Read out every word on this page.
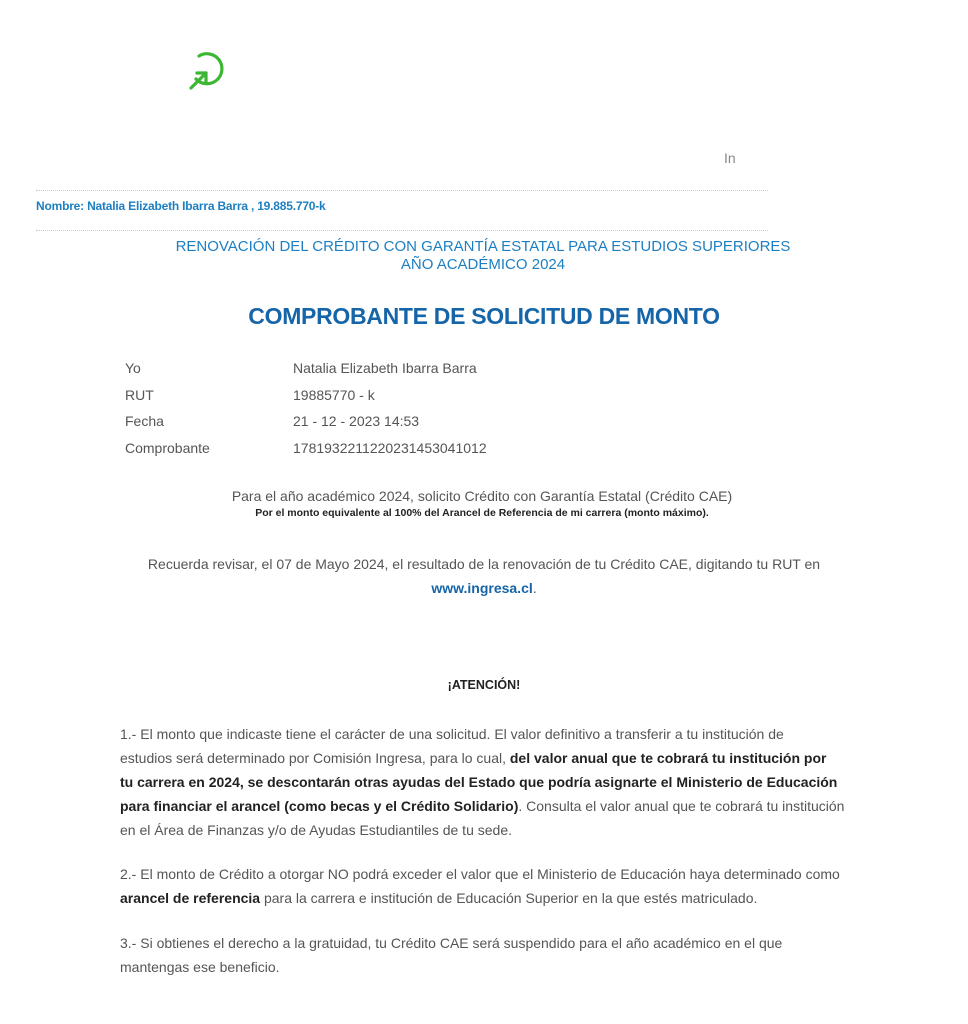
In
Nombre: Natalia Elizabeth Ibarra Barra , 19.885.770-k
RENOVACIÓN DEL CRÉDITO CON GARANTÍA ESTATAL PARA ESTUDIOS SUPERIORES
AÑO ACADÉMICO 2024
COMPROBANTE DE SOLICITUD DE MONTO
Yo	Natalia Elizabeth Ibarra Barra
RUT	19885770 - k
Fecha	21 - 12 - 2023 14:53
Comprobante	1781932211220231453041012
Para el año académico 2024, solicito Crédito con Garantía Estatal (Crédito CAE)
Por el monto equivalente al 100% del Arancel de Referencia de mi carrera (monto máximo).
Recuerda revisar, el 07 de Mayo 2024, el resultado de la renovación de tu Crédito CAE, digitando tu RUT en
www.ingresa.cl.
¡ATENCIÓN!
1.- El monto que indicaste tiene el carácter de una solicitud. El valor definitivo a transferir a tu institución de
estudios será determinado por Comisión Ingresa, para lo cual, del valor anual que te cobrará tu institución por
tu carrera en 2024, se descontarán otras ayudas del Estado que podría asignarte el Ministerio de Educación
para financiar el arancel (como becas y el Crédito Solidario). Consulta el valor anual que te cobrará tu institución
en el Área de Finanzas y/o de Ayudas Estudiantiles de tu sede.
2.- El monto de Crédito a otorgar NO podrá exceder el valor que el Ministerio de Educación haya determinado como
arancel de referencia para la carrera e institución de Educación Superior en la que estés matriculado.
3.- Si obtienes el derecho a la gratuidad, tu Crédito CAE será suspendido para el año académico en el que
mantengas ese beneficio.
